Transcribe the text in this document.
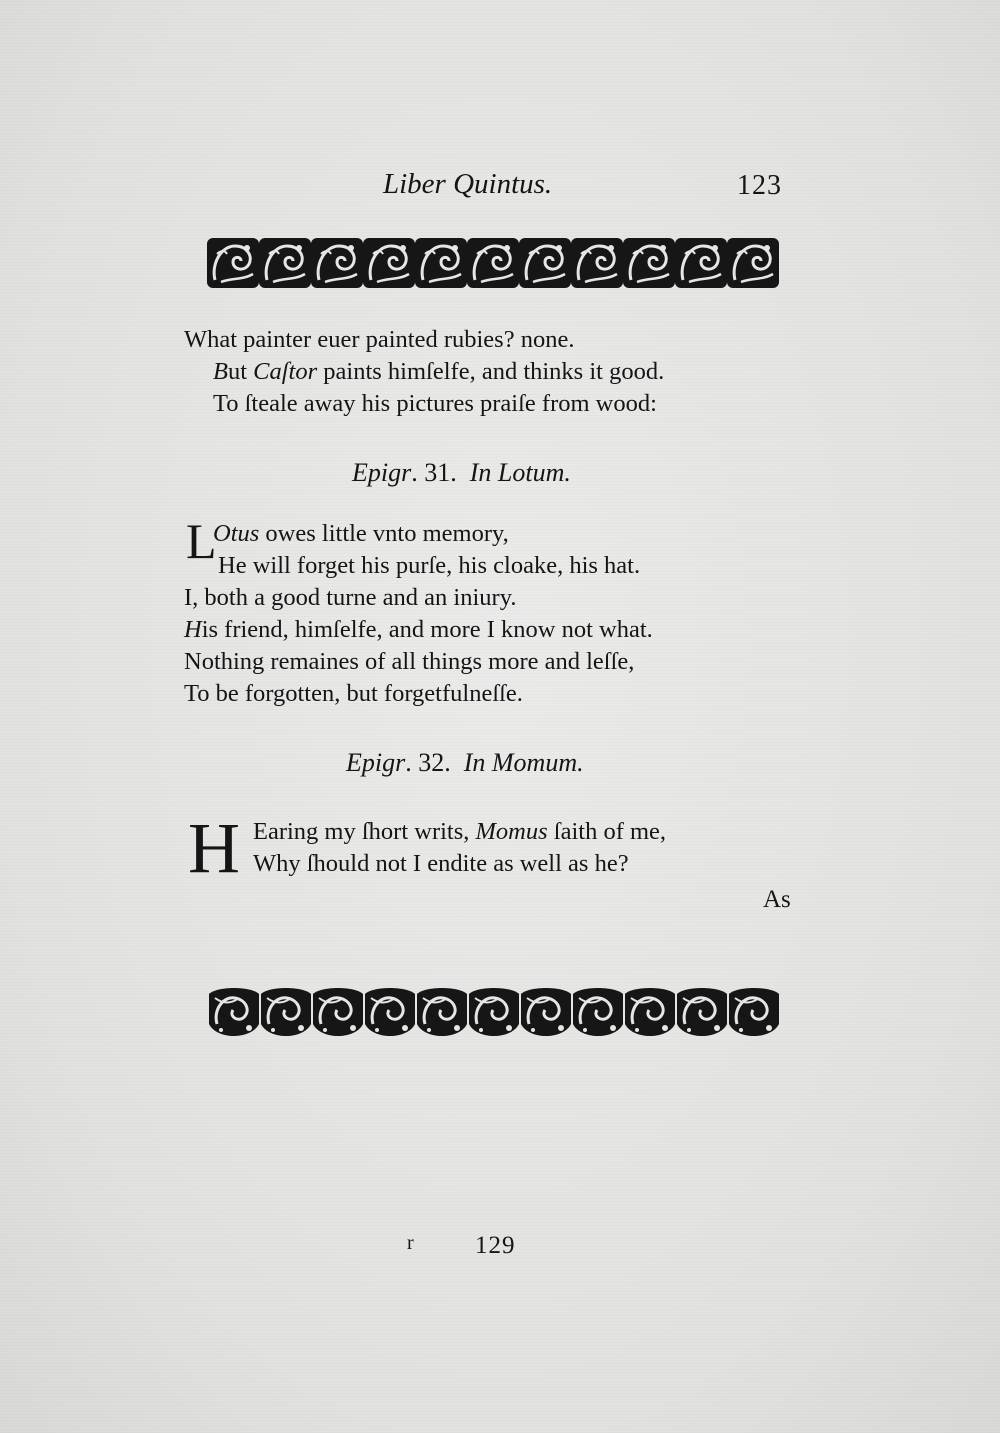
Liber Quintus.	123
What painter euer painted rubies? none.
But Caſtor paints himſelfe, and thinks it good.
To ſteale away his pictures praiſe from wood:
Epigr. 31. In Lotum.
L
Otus owes little vnto memory,
He will forget his purſe, his cloake, his hat.
I, both a good turne and an iniury.
His friend, himſelfe, and more I know not what.
Nothing remaines of all things more and leſſe,
To be forgotten, but forgetfulneſſe.
Epigr. 32. In Momum.
H Earing my ſhort writs, Momus ſaith of me,
Why ſhould not I endite as well as he?
As
r 129
